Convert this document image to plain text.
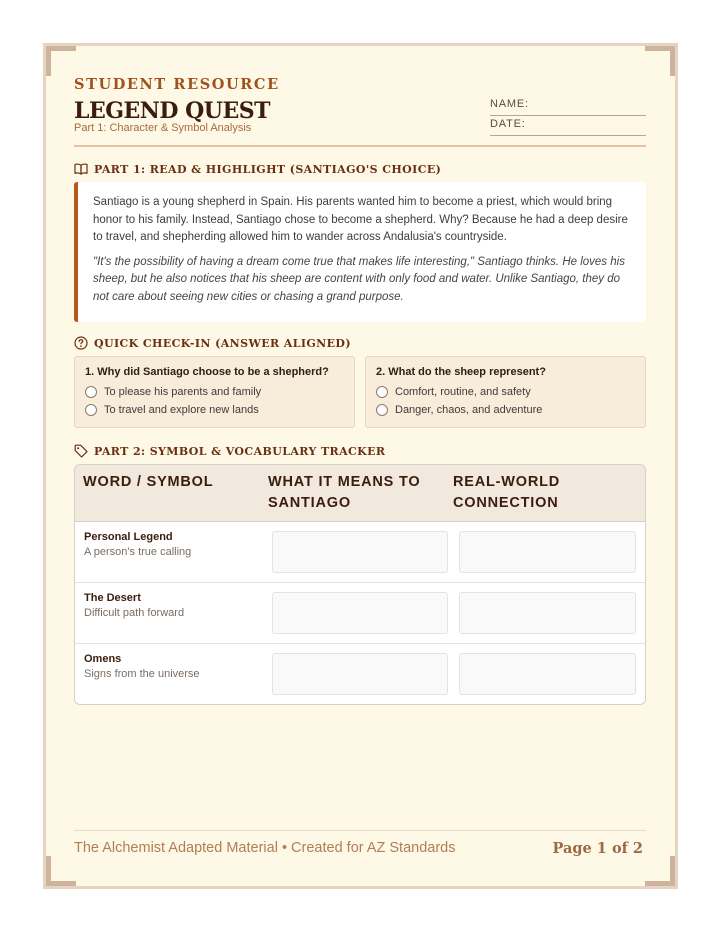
STUDENT RESOURCE
LEGEND QUEST
Part 1: Character & Symbol Analysis
NAME:
DATE:
PART 1: READ & HIGHLIGHT (SANTIAGO'S CHOICE)

Santiago is a young shepherd in Spain. His parents wanted him to become a priest, which would bring honor to his family. Instead, Santiago chose to become a shepherd. Why? Because he had a deep desire to travel, and shepherding allowed him to wander across Andalusia's countryside.

"It's the possibility of having a dream come true that makes life interesting," Santiago thinks. He loves his sheep, but he also notices that his sheep are content with only food and water. Unlike Santiago, they do not care about seeing new cities or chasing a grand purpose.

QUICK CHECK-IN (ANSWER ALIGNED)
1. Why did Santiago choose to be a shepherd?
To please his parents and family
To travel and explore new lands
2. What do the sheep represent?
Comfort, routine, and safety
Danger, chaos, and adventure
PART 2: SYMBOL & VOCABULARY TRACKER
WORD / SYMBOL	WHAT IT MEANS TO SANTIAGO
REAL-WORLD CONNECTION
Personal Legend
A person's true calling
The Desert
Difficult path forward
Omens
Signs from the universe
The Alchemist Adapted Material • Created for AZ Standards	Page 1 of 2
